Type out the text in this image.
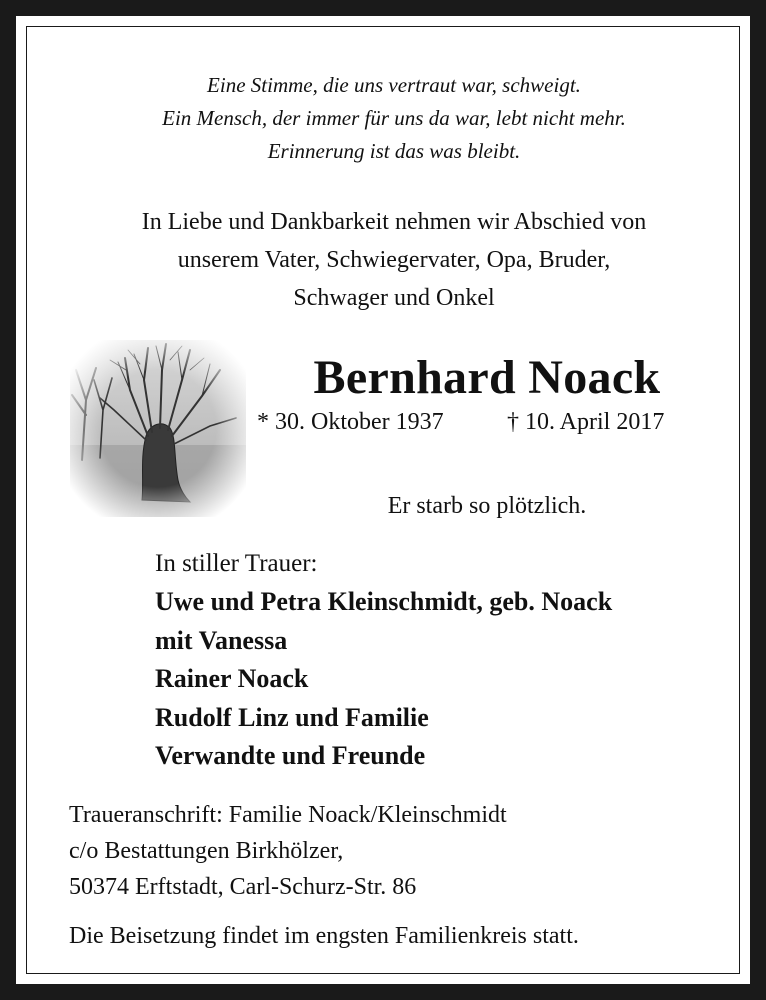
Eine Stimme, die uns vertraut war, schweigt.
Ein Mensch, der immer für uns da war, lebt nicht mehr.
Erinnerung ist das was bleibt.
In Liebe und Dankbarkeit nehmen wir Abschied von
unserem Vater, Schwiegervater, Opa, Bruder,
Schwager und Onkel
Bernhard Noack
* 30. Oktober 1937	† 10. April 2017
Er starb so plötzlich.
In stiller Trauer:
Uwe und Petra Kleinschmidt, geb. Noack
mit Vanessa
Rainer Noack
Rudolf Linz und Familie
Verwandte und Freunde
Traueranschrift: Familie Noack/Kleinschmidt
c/o Bestattungen Birkhölzer,
50374 Erftstadt, Carl-Schurz-Str. 86
Die Beisetzung findet im engsten Familienkreis statt.
